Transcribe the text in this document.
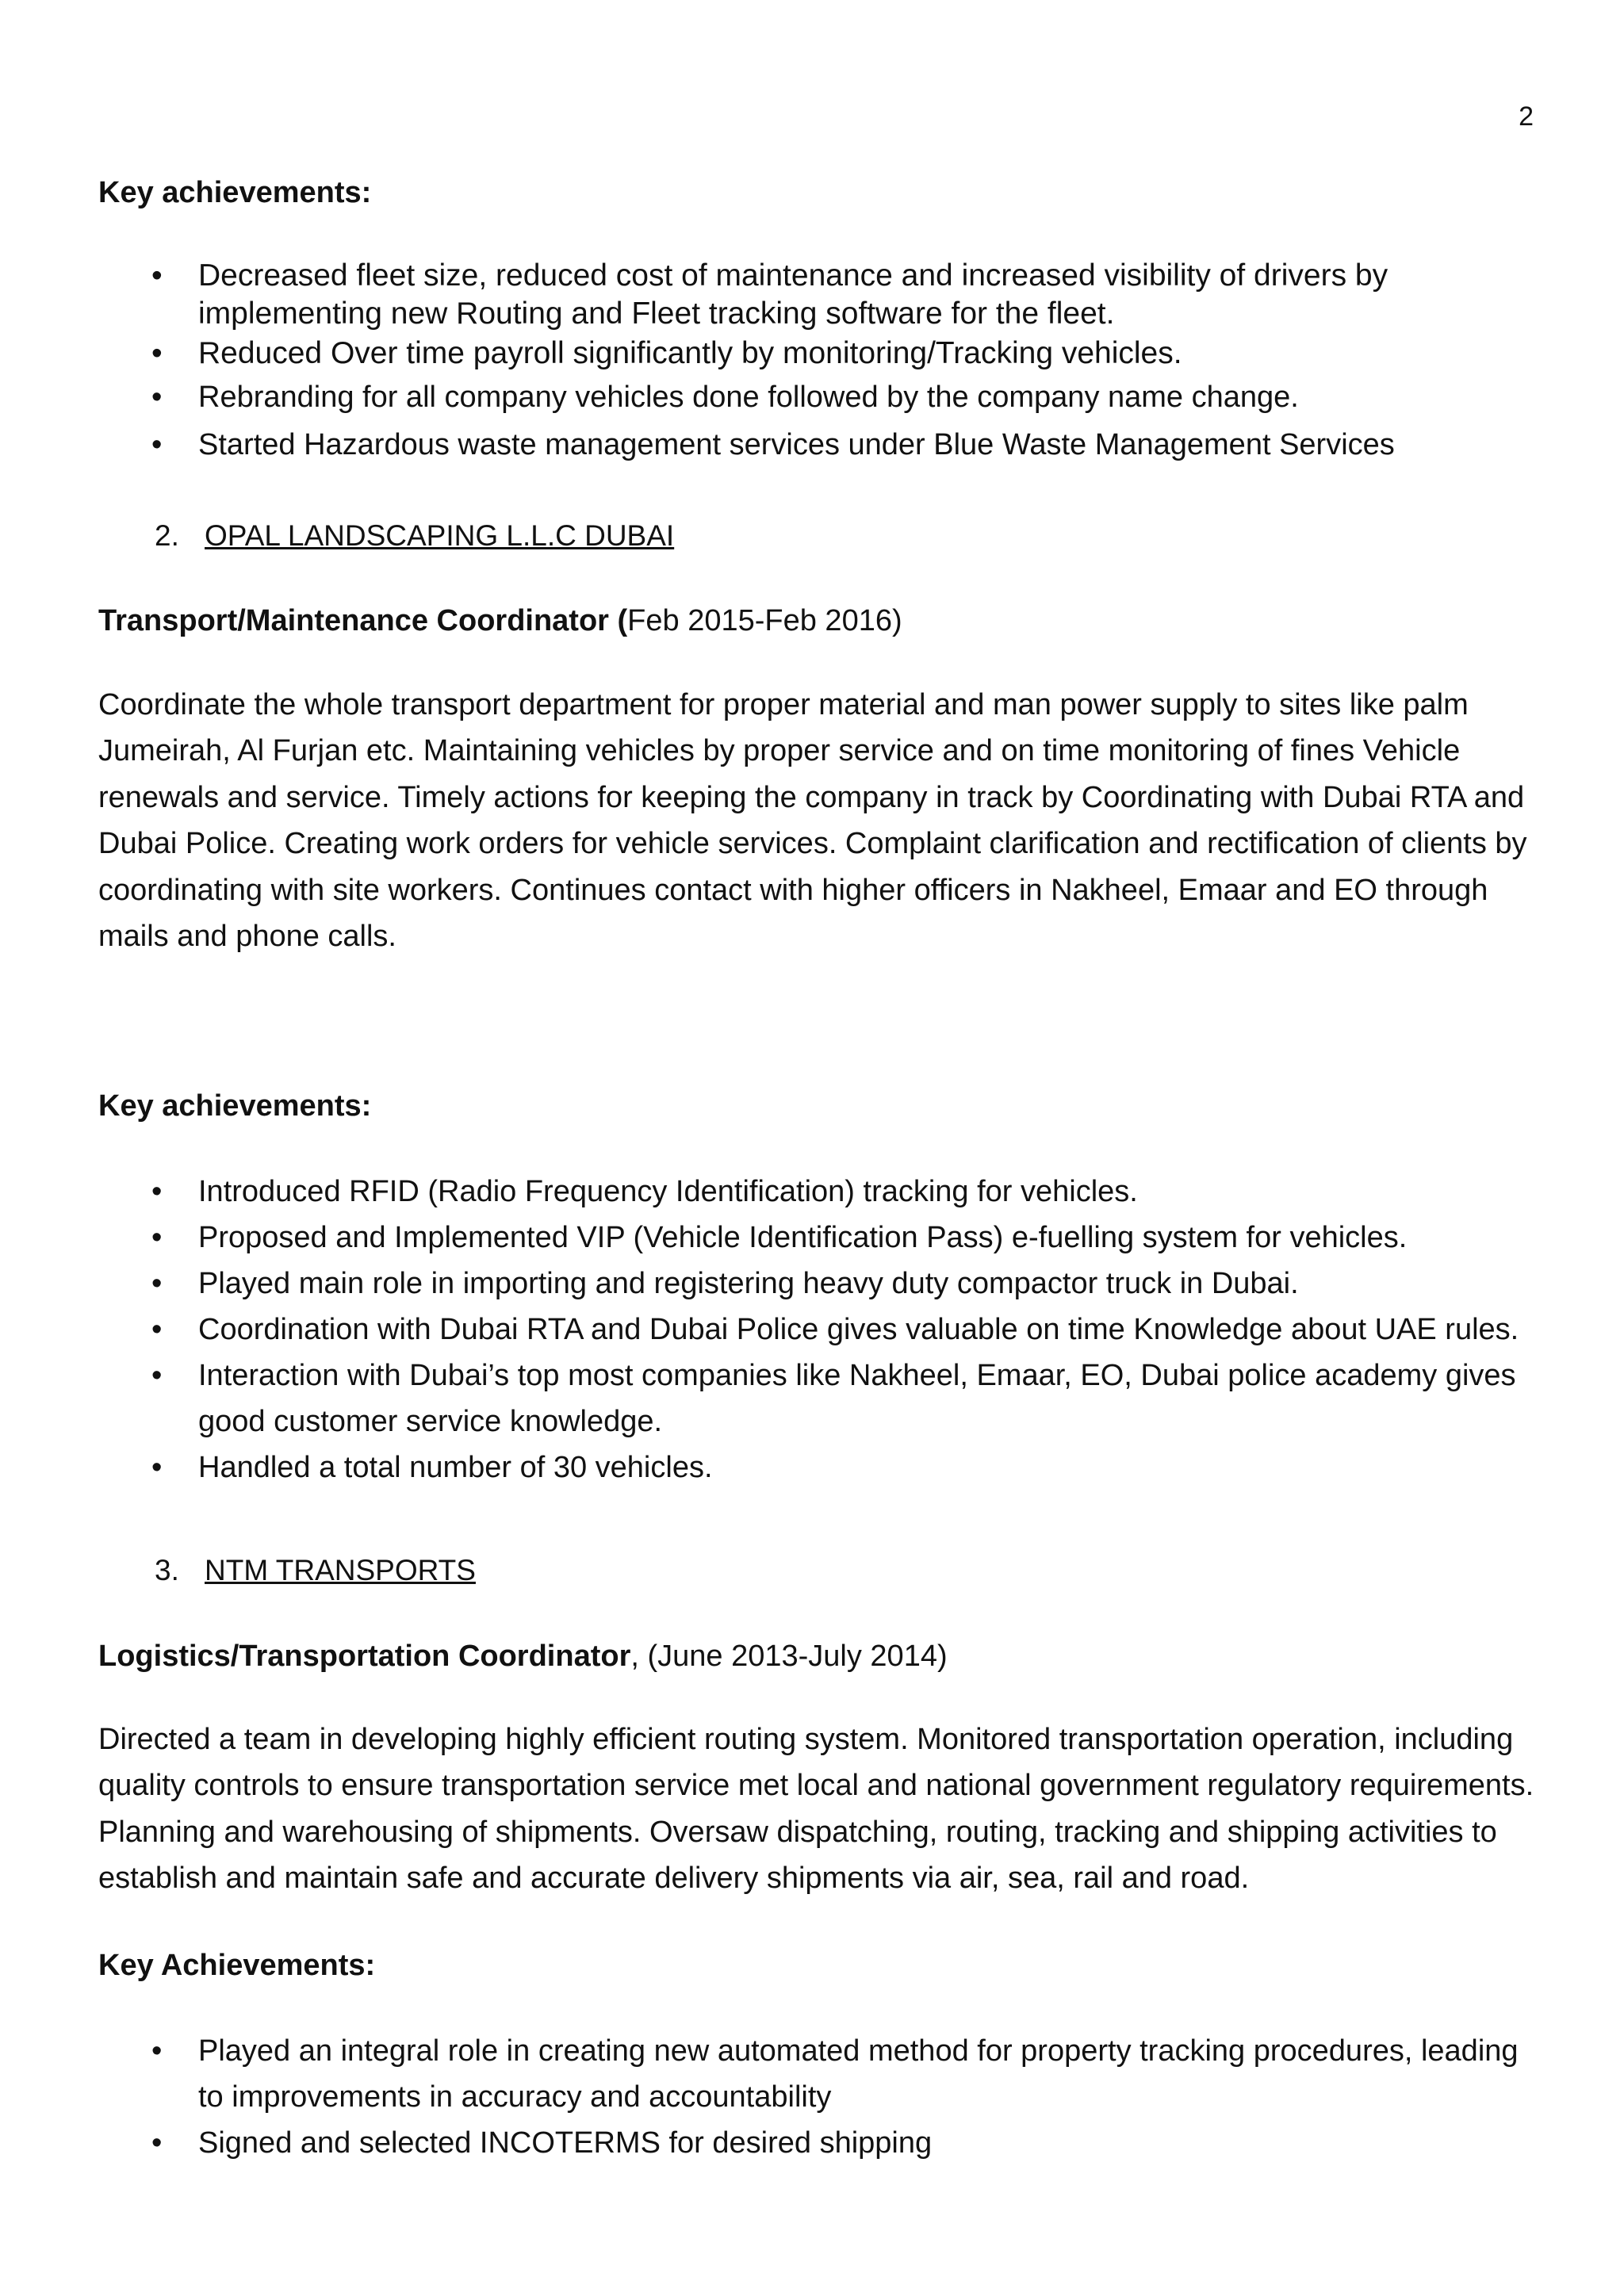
2
Key achievements:
• Decreased fleet size, reduced cost of maintenance and increased visibility of drivers by implementing new Routing and Fleet tracking software for the fleet.
• Reduced Over time payroll significantly by monitoring/Tracking vehicles.
• Rebranding for all company vehicles done followed by the company name change.
• Started Hazardous waste management services under Blue Waste Management Services
2. OPAL LANDSCAPING L.L.C DUBAI
Transport/Maintenance Coordinator (Feb 2015-Feb 2016)
Coordinate the whole transport department for proper material and man power supply to sites like palm Jumeirah, Al Furjan etc. Maintaining vehicles by proper service and on time monitoring of fines Vehicle renewals and service. Timely actions for keeping the company in track by Coordinating with Dubai RTA and Dubai Police. Creating work orders for vehicle services. Complaint clarification and rectification of clients by coordinating with site workers. Continues contact with higher officers in Nakheel, Emaar and EO through mails and phone calls.
Key achievements:
• Introduced RFID (Radio Frequency Identification) tracking for vehicles.
• Proposed and Implemented VIP (Vehicle Identification Pass) e-fuelling system for vehicles.
• Played main role in importing and registering heavy duty compactor truck in Dubai.
• Coordination with Dubai RTA and Dubai Police gives valuable on time Knowledge about UAE rules.
• Interaction with Dubai’s top most companies like Nakheel, Emaar, EO, Dubai police academy gives good customer service knowledge.
• Handled a total number of 30 vehicles.
3. NTM TRANSPORTS
Logistics/Transportation Coordinator, (June 2013-July 2014)
Directed a team in developing highly efficient routing system. Monitored transportation operation, including quality controls to ensure transportation service met local and national government regulatory requirements. Planning and warehousing of shipments. Oversaw dispatching, routing, tracking and shipping activities to establish and maintain safe and accurate delivery shipments via air, sea, rail and road.
Key Achievements:
• Played an integral role in creating new automated method for property tracking procedures, leading to improvements in accuracy and accountability
• Signed and selected INCOTERMS for desired shipping
